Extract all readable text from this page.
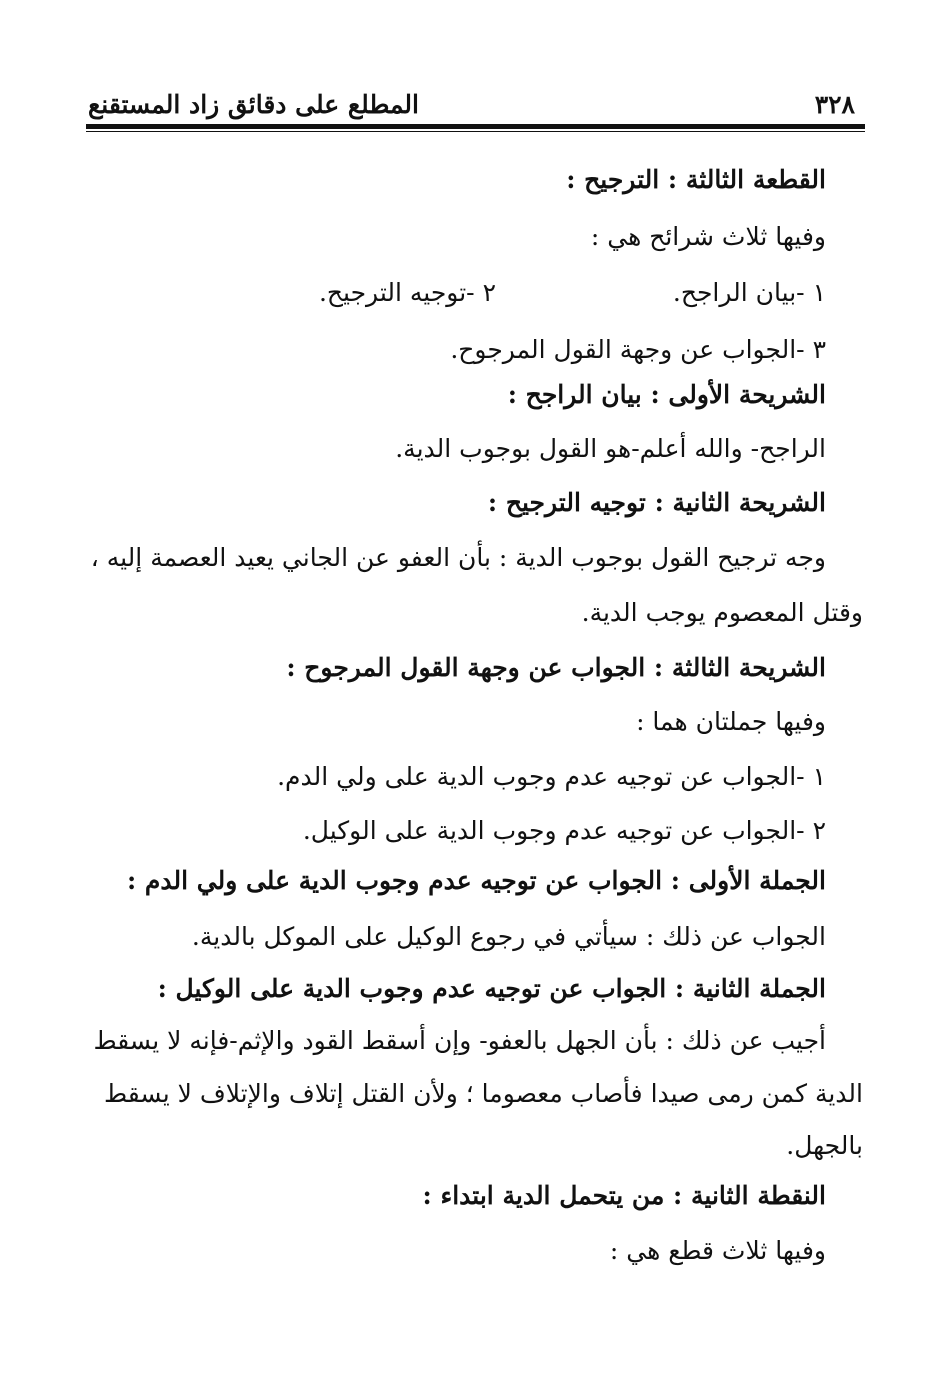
المطلع على دقائق زاد المستقنع	٣٢٨
القطعة الثالثة : الترجيح :
وفيها ثلاث شرائح هي :
١ -بيان الراجح.
٢ -توجيه الترجيح.
٣ -الجواب عن وجهة القول المرجوح.
الشريحة الأولى : بيان الراجح :
الراجح- والله أعلم-هو القول بوجوب الدية.
الشريحة الثانية : توجيه الترجيح :
وجه ترجيح القول بوجوب الدية : بأن العفو عن الجاني يعيد العصمة إليه ،
وقتل المعصوم يوجب الدية.
الشريحة الثالثة : الجواب عن وجهة القول المرجوح :
وفيها جملتان هما :
١ -الجواب عن توجيه عدم وجوب الدية على ولي الدم.
٢ -الجواب عن توجيه عدم وجوب الدية على الوكيل.
الجملة الأولى : الجواب عن توجيه عدم وجوب الدية على ولي الدم :
الجواب عن ذلك : سيأتي في رجوع الوكيل على الموكل بالدية.
الجملة الثانية : الجواب عن توجيه عدم وجوب الدية على الوكيل :
أجيب عن ذلك : بأن الجهل بالعفو- وإن أسقط القود والإثم-فإنه لا يسقط
الدية كمن رمى صيدا فأصاب معصوما ؛ ولأن القتل إتلاف والإتلاف لا يسقط
بالجهل.
النقطة الثانية : من يتحمل الدية ابتداء :
وفيها ثلاث قطع هي :
